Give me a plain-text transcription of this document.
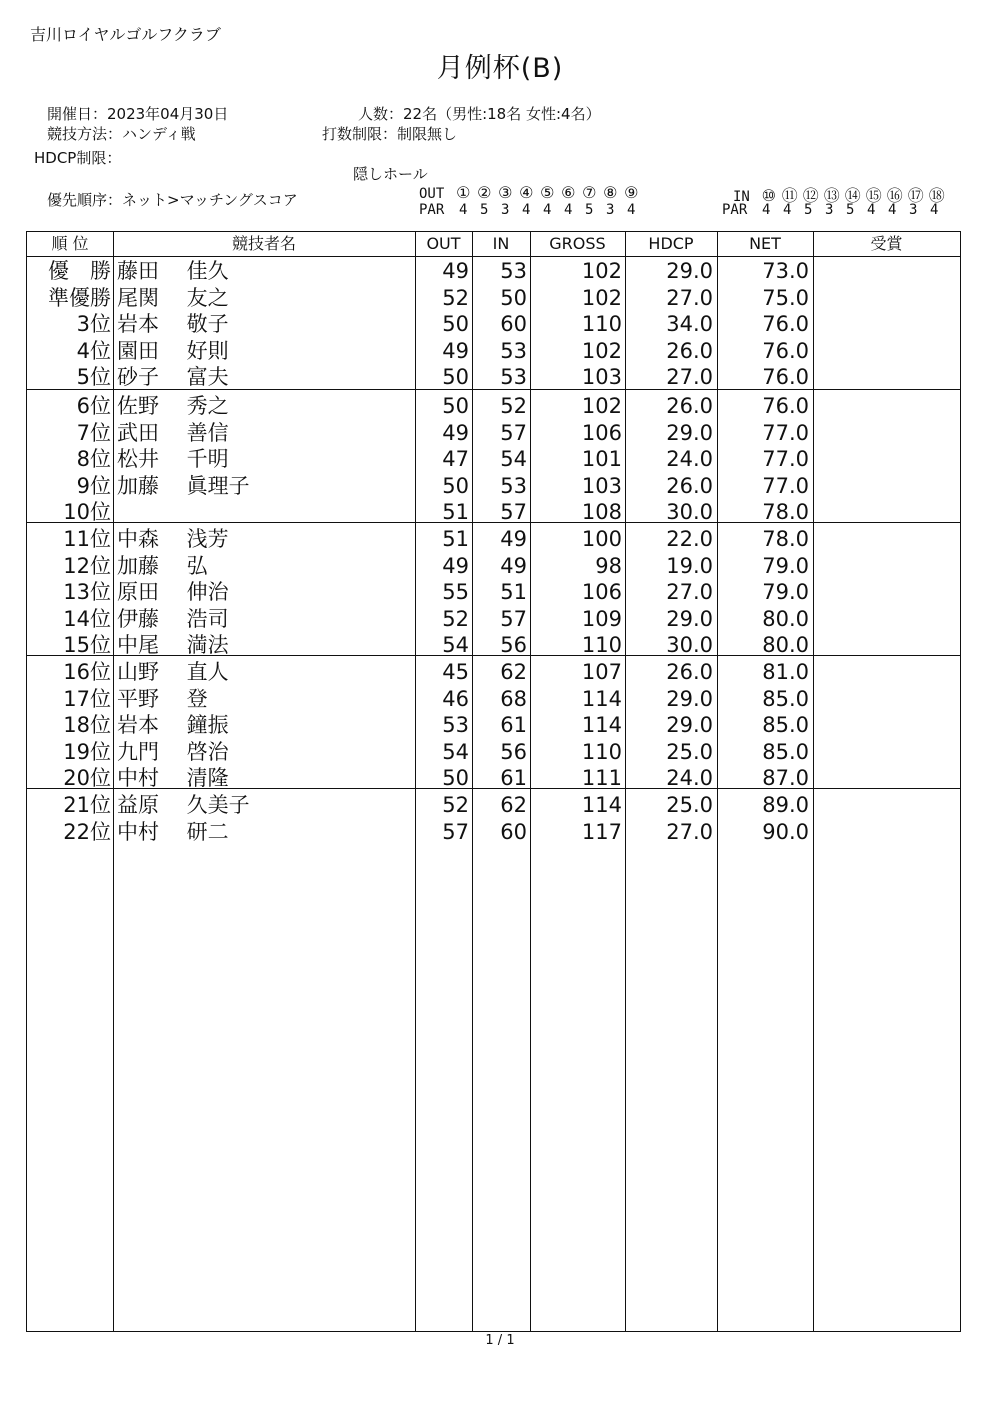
吉川ロイヤルゴルフクラブ
月例杯(B)
開催日：2023年04月30日
競技方法：ハンディ戦
HDCP制限：
優先順序：ネット>マッチングスコア
人数：22名（男性:18名 女性:4名）
打数制限：制限無し
隠しホール
OUT ① ② ③ ④ ⑤ ⑥ ⑦ ⑧ ⑨
PAR 4 5 3 4 4 4 5 3 4
IN ⑩ ⑪ ⑫ ⑬ ⑭ ⑮ ⑯ ⑰ ⑱
PAR 4 4 5 3 5 4 4 3 4
順 位	競技者名	OUT	IN	GROSS	HDCP	NET	受賞
優　勝 藤田　 佳久	49	53	102	29.0	73.0
準優勝 尾関　 友之	52	50	102	27.0	75.0
3位 岩本　 敬子	50	60	110	34.0	76.0
4位 園田　 好則	49	53	102	26.0	76.0
5位 砂子　 富夫	50	53	103	27.0	76.0
6位 佐野　 秀之	50	52	102	26.0	76.0
7位 武田　 善信	49	57	106	29.0	77.0
8位 松井　 千明	47	54	101	24.0	77.0
9位 加藤　 眞理子	50	53	103	26.0	77.0
10位	51	57	108	30.0	78.0
11位 中森　 浅芳	51	49	100	22.0	78.0
12位 加藤　 弘	49	49	98	19.0	79.0
13位 原田　 伸治	55	51	106	27.0	79.0
14位 伊藤　 浩司	52	57	109	29.0	80.0
15位 中尾　 満法	54	56	110	30.0	80.0
16位 山野　 直人	45	62	107	26.0	81.0
17位 平野　 登	46	68	114	29.0	85.0
18位 岩本　 鐘振	53	61	114	29.0	85.0
19位 九門　 啓治	54	56	110	25.0	85.0
20位 中村　 清隆	50	61	111	24.0	87.0
21位 益原　 久美子	52	62	114	25.0	89.0
22位 中村　 研二	57	60	117	27.0	90.0
1 / 1
